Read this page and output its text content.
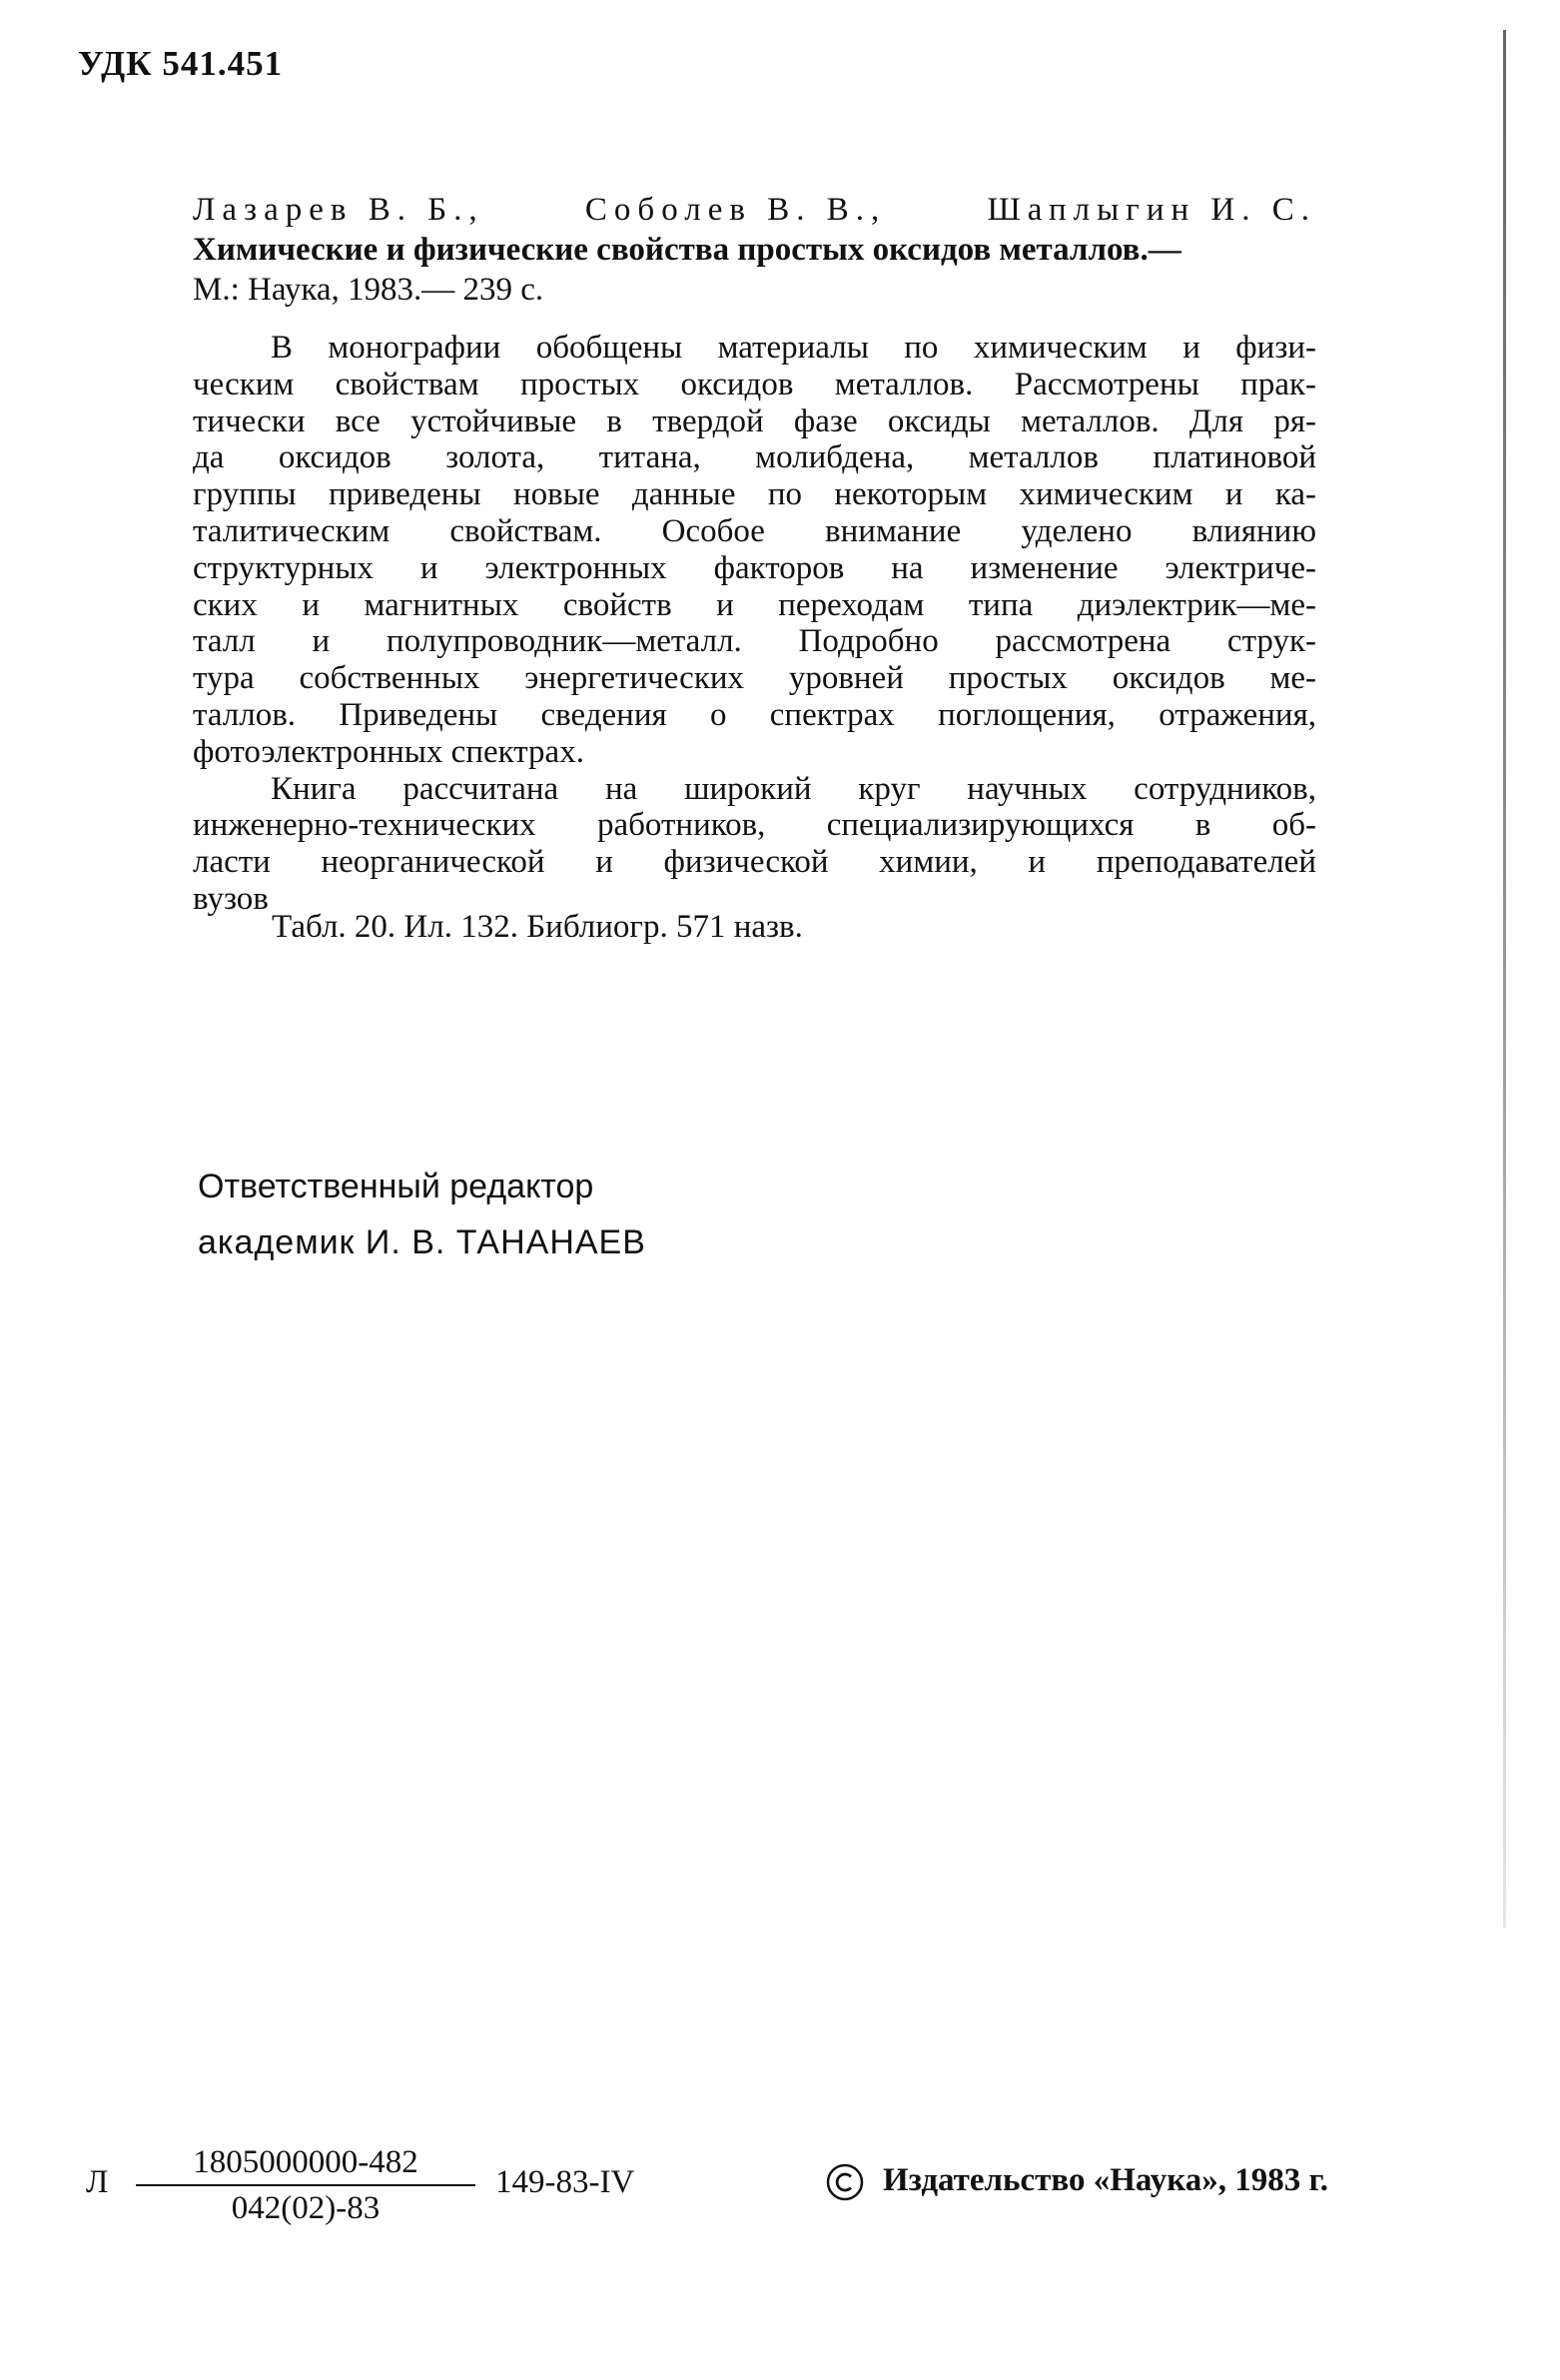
УДК 541.451
Лазарев В. Б.,	Соболев В. В.,	Шаплыгин И. С.
Химические и физические свойства простых оксидов металлов.—
М.: Наука, 1983.— 239 с.
В монографии обобщены материалы по химическим и физи-
ческим свойствам простых оксидов металлов. Рассмотрены прак-
тически все устойчивые в твердой фазе оксиды металлов. Для ря-
да оксидов золота, титана, молибдена, металлов платиновой
группы приведены новые данные по некоторым химическим и ка-
талитическим свойствам. Особое внимание уделено влиянию
структурных и электронных факторов на изменение электриче-
ских и магнитных свойств и переходам типа диэлектрик—ме-
талл и полупроводник—металл. Подробно рассмотрена струк-
тура собственных энергетических уровней простых оксидов ме-
таллов. Приведены сведения о спектрах поглощения, отражения,
фотоэлектронных спектрах.
Книга рассчитана на широкий круг научных сотрудников,
инженерно-технических работников, специализирующихся в об-
ласти неорганической и физической химии, и преподавателей
вузов
Табл. 20. Ил. 132. Библиогр. 571 назв.
Ответственный редактор
академик И. В. ТАНАНАЕВ
Л
1805000000-482
042(02)-83
149-83-IV	Издательство «Наука», 1983 г.
